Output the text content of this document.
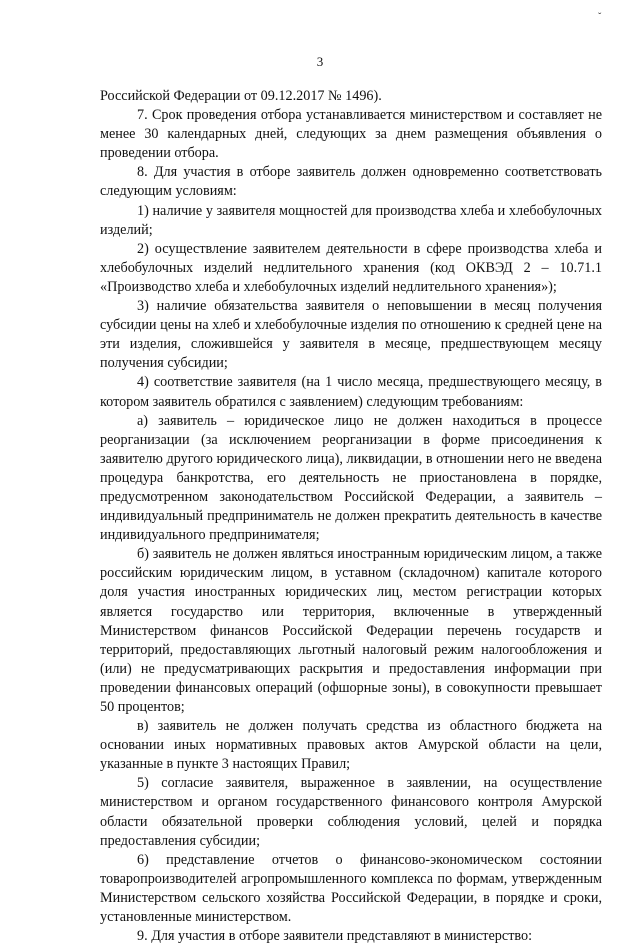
ˇ
3

Российской Федерации от 09.12.2017 № 1496).

7. Срок проведения отбора устанавливается министерством и составляет не менее 30 календарных дней, следующих за днем размещения объявления о проведении отбора.

8. Для участия в отборе заявитель должен одновременно соответствовать следующим условиям:

1) наличие у заявителя мощностей для производства хлеба и хлебобулочных изделий;

2) осуществление заявителем деятельности в сфере производства хлеба и хлебобулочных изделий недлительного хранения (код ОКВЭД 2 – 10.71.1 «Производство хлеба и хлебобулочных изделий недлительного хранения»);

3) наличие обязательства заявителя о неповышении в месяц получения субсидии цены на хлеб и хлебобулочные изделия по отношению к средней цене на эти изделия, сложившейся у заявителя в месяце, предшествующем месяцу получения субсидии;

4) соответствие заявителя (на 1 число месяца, предшествующего месяцу, в котором заявитель обратился с заявлением) следующим требованиям:

а) заявитель – юридическое лицо не должен находиться в процессе реорганизации (за исключением реорганизации в форме присоединения к заявителю другого юридического лица), ликвидации, в отношении него не введена процедура банкротства, его деятельность не приостановлена в порядке, предусмотренном законодательством Российской Федерации, а заявитель – индивидуальный предприниматель не должен прекратить деятельность в качестве индивидуального предпринимателя;

б) заявитель не должен являться иностранным юридическим лицом, а также российским юридическим лицом, в уставном (складочном) капитале которого доля участия иностранных юридических лиц, местом регистрации которых является государство или территория, включенные в утвержденный Министерством финансов Российской Федерации перечень государств и территорий, предоставляющих льготный налоговый режим налогообложения и (или) не предусматривающих раскрытия и предоставления информации при проведении финансовых операций (офшорные зоны), в совокупности превышает 50 процентов;

в) заявитель не должен получать средства из областного бюджета на основании иных нормативных правовых актов Амурской области на цели, указанные в пункте 3 настоящих Правил;

5) согласие заявителя, выраженное в заявлении, на осуществление министерством и органом государственного финансового контроля Амурской области обязательной проверки соблюдения условий, целей и порядка предоставления субсидии;

6) представление отчетов о финансово-экономическом состоянии товаропроизводителей агропромышленного комплекса по формам, утвержденным Министерством сельского хозяйства Российской Федерации, в порядке и сроки, установленные министерством.

9. Для участия в отборе заявители представляют в министерство:
